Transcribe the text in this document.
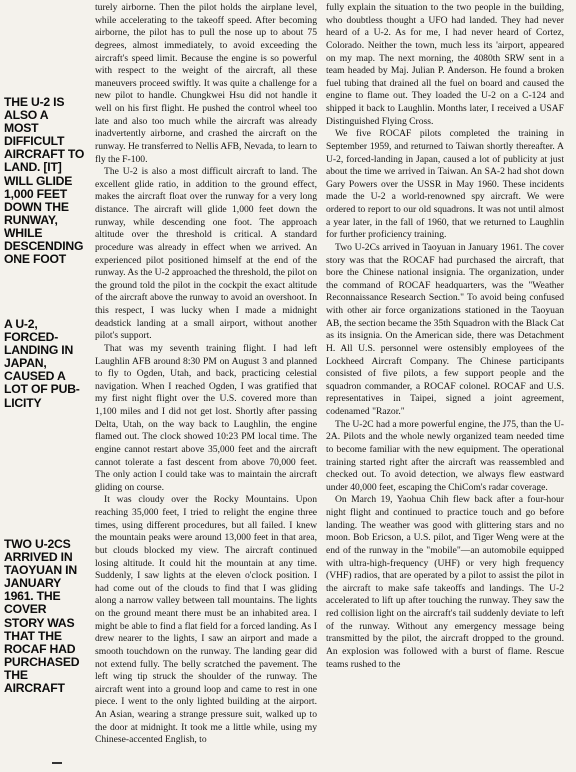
THE U-2 IS

ALSO A

MOST

DIFFICULT

AIRCRAFT TO

LAND. [IT]

WILL GLIDE

1,000 FEET

DOWN THE

RUNWAY,

WHILE

DESCENDING

ONE FOOT

A U-2,

FORCED-

LANDING IN

JAPAN,

CAUSED A

LOT OF PUB-

LICITY

TWO U-2CS

ARRIVED IN

TAOYUAN IN

JANUARY

1961. THE

COVER

STORY WAS

THAT THE

ROCAF HAD

PURCHASED

THE

AIRCRAFT

turely airborne. Then the pilot holds the airplane level, while accelerating to the takeoff speed. After becoming airborne, the pilot has to pull the nose up to about 75 degrees, almost immediately, to avoid exceeding the aircraft's speed limit. Because the engine is so powerful with respect to the weight of the aircraft, all these maneuvers proceed swiftly. It was quite a challenge for a new pilot to handle. Chungkwei Hsu did not handle it well on his first flight. He pushed the control wheel too late and also too much while the aircraft was already inadvertently airborne, and crashed the aircraft on the runway. He transferred to Nellis AFB, Nevada, to learn to fly the F-100.

The U-2 is also a most difficult aircraft to land. The excellent glide ratio, in addition to the ground effect, makes the aircraft float over the runway for a very long distance. The aircraft will glide 1,000 feet down the runway, while descending one foot. The approach altitude over the threshold is critical. A standard procedure was already in effect when we arrived. An experienced pilot positioned himself at the end of the runway. As the U-2 approached the threshold, the pilot on the ground told the pilot in the cockpit the exact altitude of the aircraft above the runway to avoid an overshoot. In this respect, I was lucky when I made a midnight deadstick landing at a small airport, without another pilot's support.

That was my seventh training flight. I had left Laughlin AFB around 8:30 PM on August 3 and planned to fly to Ogden, Utah, and back, practicing celestial navigation. When I reached Ogden, I was gratified that my first night flight over the U.S. covered more than 1,100 miles and I did not get lost. Shortly after passing Delta, Utah, on the way back to Laughlin, the engine flamed out. The clock showed 10:23 PM local time. The engine cannot restart above 35,000 feet and the aircraft cannot tolerate a fast descent from above 70,000 feet. The only action I could take was to maintain the aircraft gliding on course.

It was cloudy over the Rocky Mountains. Upon reaching 35,000 feet, I tried to relight the engine three times, using different procedures, but all failed. I knew the mountain peaks were around 13,000 feet in that area, but clouds blocked my view. The aircraft continued losing altitude. It could hit the mountain at any time. Suddenly, I saw lights at the eleven o'clock position. I had come out of the clouds to find that I was gliding along a narrow valley between tall mountains. The lights on the ground meant there must be an inhabited area. I might be able to find a flat field for a forced landing. As I drew nearer to the lights, I saw an airport and made a smooth touchdown on the runway. The landing gear did not extend fully. The belly scratched the pavement. The left wing tip struck the shoulder of the runway. The aircraft went into a ground loop and came to rest in one piece. I went to the only lighted building at the airport. An Asian, wearing a strange pressure suit, walked up to the door at midnight. It took me a little while, using my Chinese-accented English, to

fully explain the situation to the two people in the building, who doubtless thought a UFO had landed. They had never heard of a U-2. As for me, I had never heard of Cortez, Colorado. Neither the town, much less its 'airport, appeared on my map. The next morning, the 4080th SRW sent in a team headed by Maj. Julian P. Anderson. He found a broken fuel tubing that drained all the fuel on board and caused the engine to flame out. They loaded the U-2 on a C-124 and shipped it back to Laughlin. Months later, I received a USAF Distinguished Flying Cross.

We five ROCAF pilots completed the training in September 1959, and returned to Taiwan shortly thereafter. A U-2, forced-landing in Japan, caused a lot of publicity at just about the time we arrived in Taiwan. An SA-2 had shot down Gary Powers over the USSR in May 1960. These incidents made the U-2 a world-renowned spy aircraft. We were ordered to report to our old squadrons. It was not until almost a year later, in the fall of 1960, that we returned to Laughlin for further proficiency training.

Two U-2Cs arrived in Taoyuan in January 1961. The cover story was that the ROCAF had purchased the aircraft, that bore the Chinese national insignia. The organization, under the command of ROCAF headquarters, was the "Weather Reconnaissance Research Section." To avoid being confused with other air force organizations stationed in the Taoyuan AB, the section became the 35th Squadron with the Black Cat as its insignia. On the American side, there was Detachment H. All U.S. personnel were ostensibly employees of the Lockheed Aircraft Company. The Chinese participants consisted of five pilots, a few support people and the squadron commander, a ROCAF colonel. ROCAF and U.S. representatives in Taipei, signed a joint agreement, codenamed "Razor."

The U-2C had a more powerful engine, the J75, than the U-2A. Pilots and the whole newly organized team needed time to become familiar with the new equipment. The operational training started right after the aircraft was reassembled and checked out. To avoid detection, we always flew eastward under 40,000 feet, escaping the ChiCom's radar coverage.

On March 19, Yaohua Chih flew back after a four-hour night flight and continued to practice touch and go before landing. The weather was good with glittering stars and no moon. Bob Ericson, a U.S. pilot, and Tiger Weng were at the end of the runway in the "mobile"—an automobile equipped with ultra-high-frequency (UHF) or very high frequency (VHF) radios, that are operated by a pilot to assist the pilot in the aircraft to make safe takeoffs and landings. The U-2 accelerated to lift up after touching the runway. They saw the red collision light on the aircraft's tail suddenly deviate to left of the runway. Without any emergency message being transmitted by the pilot, the aircraft dropped to the ground. An explosion was followed with a burst of flame. Rescue teams rushed to the
